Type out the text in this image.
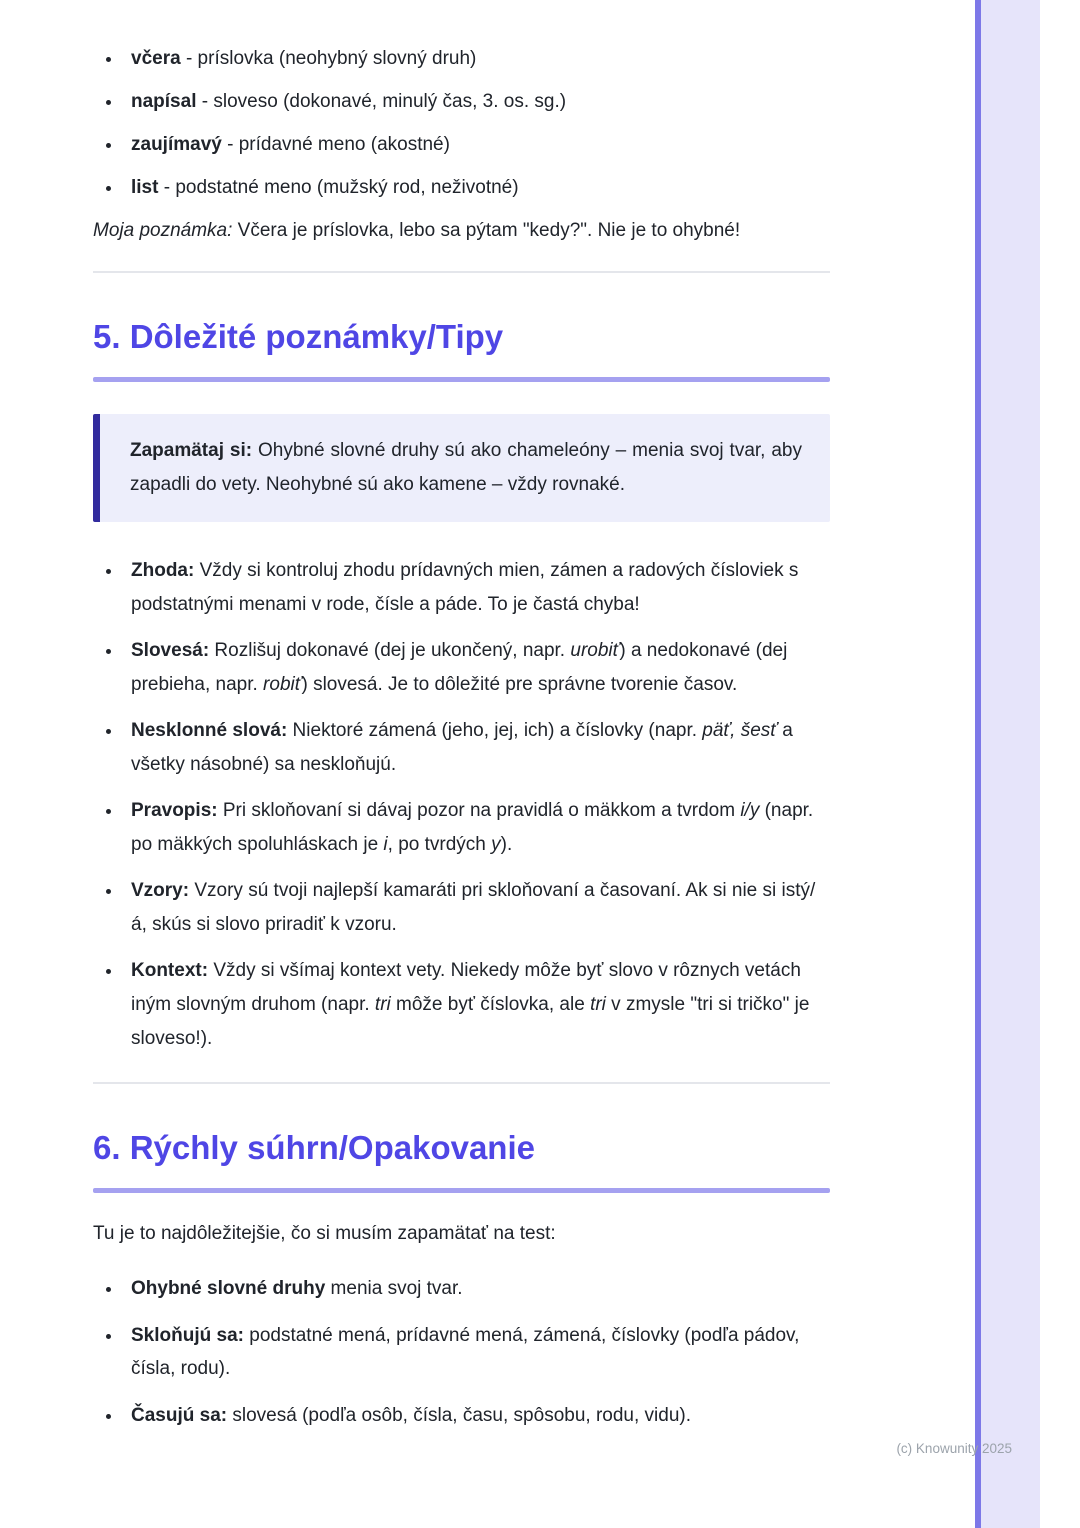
• včera - príslovka (neohybný slovný druh)
• napísal - sloveso (dokonavé, minulý čas, 3. os. sg.)
• zaujímavý - prídavné meno (akostné)
• list - podstatné meno (mužský rod, neživotné)

Moja poznámka: Včera je príslovka, lebo sa pýtam "kedy?". Nie je to ohybné!

5. Dôležité poznámky/Tipy

Zapamätaj si: Ohybné slovné druhy sú ako chameleóny – menia svoj tvar, aby zapadli do vety. Neohybné sú ako kamene – vždy rovnaké.

• Zhoda: Vždy si kontroluj zhodu prídavných mien, zámen a radových čísloviek s podstatnými menami v rode, čísle a páde. To je častá chyba!
• Slovesá: Rozlišuj dokonavé (dej je ukončený, napr. urobiť) a nedokonavé (dej prebieha, napr. robiť) slovesá. Je to dôležité pre správne tvorenie časov.
• Nesklonné slová: Niektoré zámená (jeho, jej, ich) a číslovky (napr. päť, šesť a všetky násobné) sa neskloňujú.
• Pravopis: Pri skloňovaní si dávaj pozor na pravidlá o mäkkom a tvrdom i/y (napr. po mäkkých spoluhláskach je i, po tvrdých y).
• Vzory: Vzory sú tvoji najlepší kamaráti pri skloňovaní a časovaní. Ak si nie si istý/á, skús si slovo priradiť k vzoru.
• Kontext: Vždy si všímaj kontext vety. Niekedy môže byť slovo v rôznych vetách iným slovným druhom (napr. tri môže byť číslovka, ale tri v zmysle "tri si tričko" je sloveso!).
6. Rýchly súhrn/Opakovanie

Tu je to najdôležitejšie, čo si musím zapamätať na test:

• Ohybné slovné druhy menia svoj tvar.
• Skloňujú sa: podstatné mená, prídavné mená, zámená, číslovky (podľa pádov, čísla, rodu).
• Časujú sa: slovesá (podľa osôb, čísla, času, spôsobu, rodu, vidu).
(c) Knowunity 2025
